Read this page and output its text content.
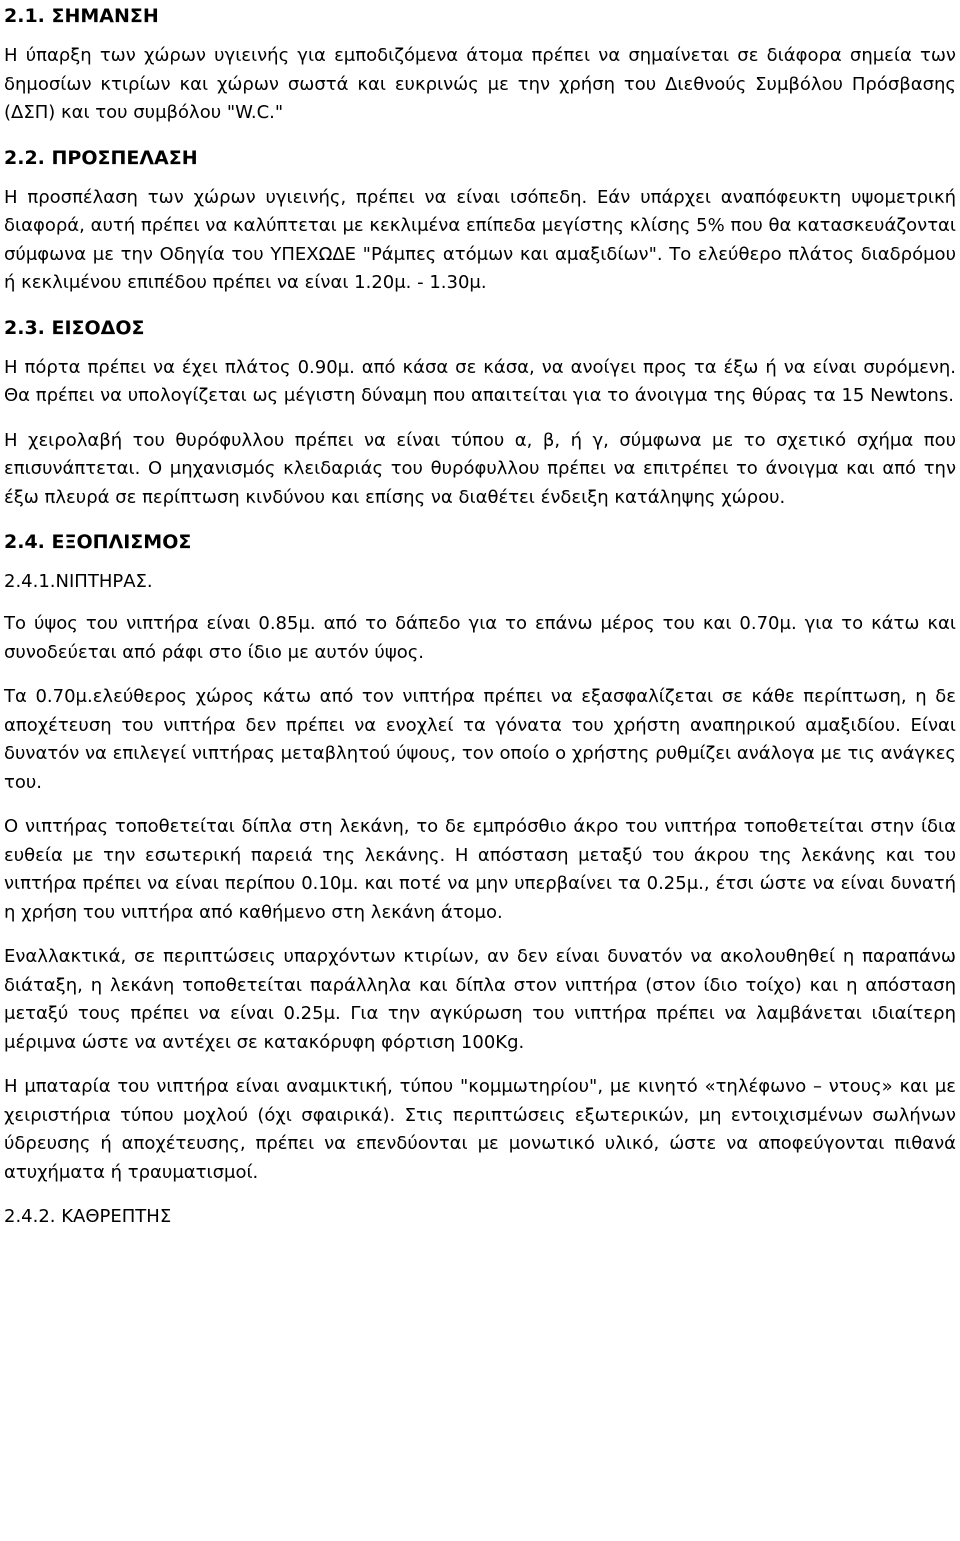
2.1. ΣΗΜΑΝΣΗ

Η ύπαρξη των χώρων υγιεινής για εμποδιζόμενα άτομα πρέπει να σημαίνεται σε διάφορα σημεία των δημοσίων κτιρίων και χώρων σωστά και ευκρινώς με την χρήση του Διεθνούς Συμβόλου Πρόσβασης (ΔΣΠ) και του συμβόλου "W.C."

2.2. ΠΡΟΣΠΕΛΑΣΗ

Η προσπέλαση των χώρων υγιεινής, πρέπει να είναι ισόπεδη. Εάν υπάρχει αναπόφευκτη υψομετρική διαφορά, αυτή πρέπει να καλύπτεται με κεκλιμένα επίπεδα μεγίστης κλίσης 5% που θα κατασκευάζονται σύμφωνα με την Οδηγία του ΥΠΕΧΩΔΕ "Ράμπες ατόμων και αμαξιδίων". Το ελεύθερο πλάτος διαδρόμου ή κεκλιμένου επιπέδου πρέπει να είναι 1.20μ. - 1.30μ.

2.3. ΕΙΣΟΔΟΣ

Η πόρτα πρέπει να έχει πλάτος 0.90μ. από κάσα σε κάσα, να ανοίγει προς τα έξω ή να είναι συρόμενη. Θα πρέπει να υπολογίζεται ως μέγιστη δύναμη που απαιτείται για το άνοιγμα της θύρας τα 15 Newtons.

Η χειρολαβή του θυρόφυλλου πρέπει να είναι τύπου α, β, ή γ, σύμφωνα με το σχετικό σχήμα που επισυνάπτεται. Ο μηχανισμός κλειδαριάς του θυρόφυλλου πρέπει να επιτρέπει το άνοιγμα και από την έξω πλευρά σε περίπτωση κινδύνου και επίσης να διαθέτει ένδειξη κατάληψης χώρου.

2.4. ΕΞΟΠΛΙΣΜΟΣ
2.4.1.ΝΙΠΤΗΡΑΣ.

Το ύψος του νιπτήρα είναι 0.85μ. από το δάπεδο για το επάνω μέρος του και 0.70μ. για το κάτω και συνοδεύεται από ράφι στο ίδιο με αυτόν ύψος.

Τα 0.70μ.ελεύθερος χώρος κάτω από τον νιπτήρα πρέπει να εξασφαλίζεται σε κάθε περίπτωση, η δε αποχέτευση του νιπτήρα δεν πρέπει να ενοχλεί τα γόνατα του χρήστη αναπηρικού αμαξιδίου. Είναι δυνατόν να επιλεγεί νιπτήρας μεταβλητού ύψους, τον οποίο ο χρήστης ρυθμίζει ανάλογα με τις ανάγκες του.

Ο νιπτήρας τοποθετείται δίπλα στη λεκάνη, το δε εμπρόσθιο άκρο του νιπτήρα τοποθετείται στην ίδια ευθεία με την εσωτερική παρειά της λεκάνης. Η απόσταση μεταξύ του άκρου της λεκάνης και του νιπτήρα πρέπει να είναι περίπου 0.10μ. και ποτέ να μην υπερβαίνει τα 0.25μ., έτσι ώστε να είναι δυνατή η χρήση του νιπτήρα από καθήμενο στη λεκάνη άτομο.

Εναλλακτικά, σε περιπτώσεις υπαρχόντων κτιρίων, αν δεν είναι δυνατόν να ακολουθηθεί η παραπάνω διάταξη, η λεκάνη τοποθετείται παράλληλα και δίπλα στον νιπτήρα (στον ίδιο τοίχο) και η απόσταση μεταξύ τους πρέπει να είναι 0.25μ. Για την αγκύρωση του νιπτήρα πρέπει να λαμβάνεται ιδιαίτερη μέριμνα ώστε να αντέχει σε κατακόρυφη φόρτιση 100Kg.

Η μπαταρία του νιπτήρα είναι αναμικτική, τύπου "κομμωτηρίου", με κινητό «τηλέφωνο – ντους» και με χειριστήρια τύπου μοχλού (όχι σφαιρικά). Στις περιπτώσεις εξωτερικών, μη εντοιχισμένων σωλήνων ύδρευσης ή αποχέτευσης, πρέπει να επενδύονται με μονωτικό υλικό, ώστε να αποφεύγονται πιθανά ατυχήματα ή τραυματισμοί.

2.4.2. ΚΑΘΡΕΠΤΗΣ
